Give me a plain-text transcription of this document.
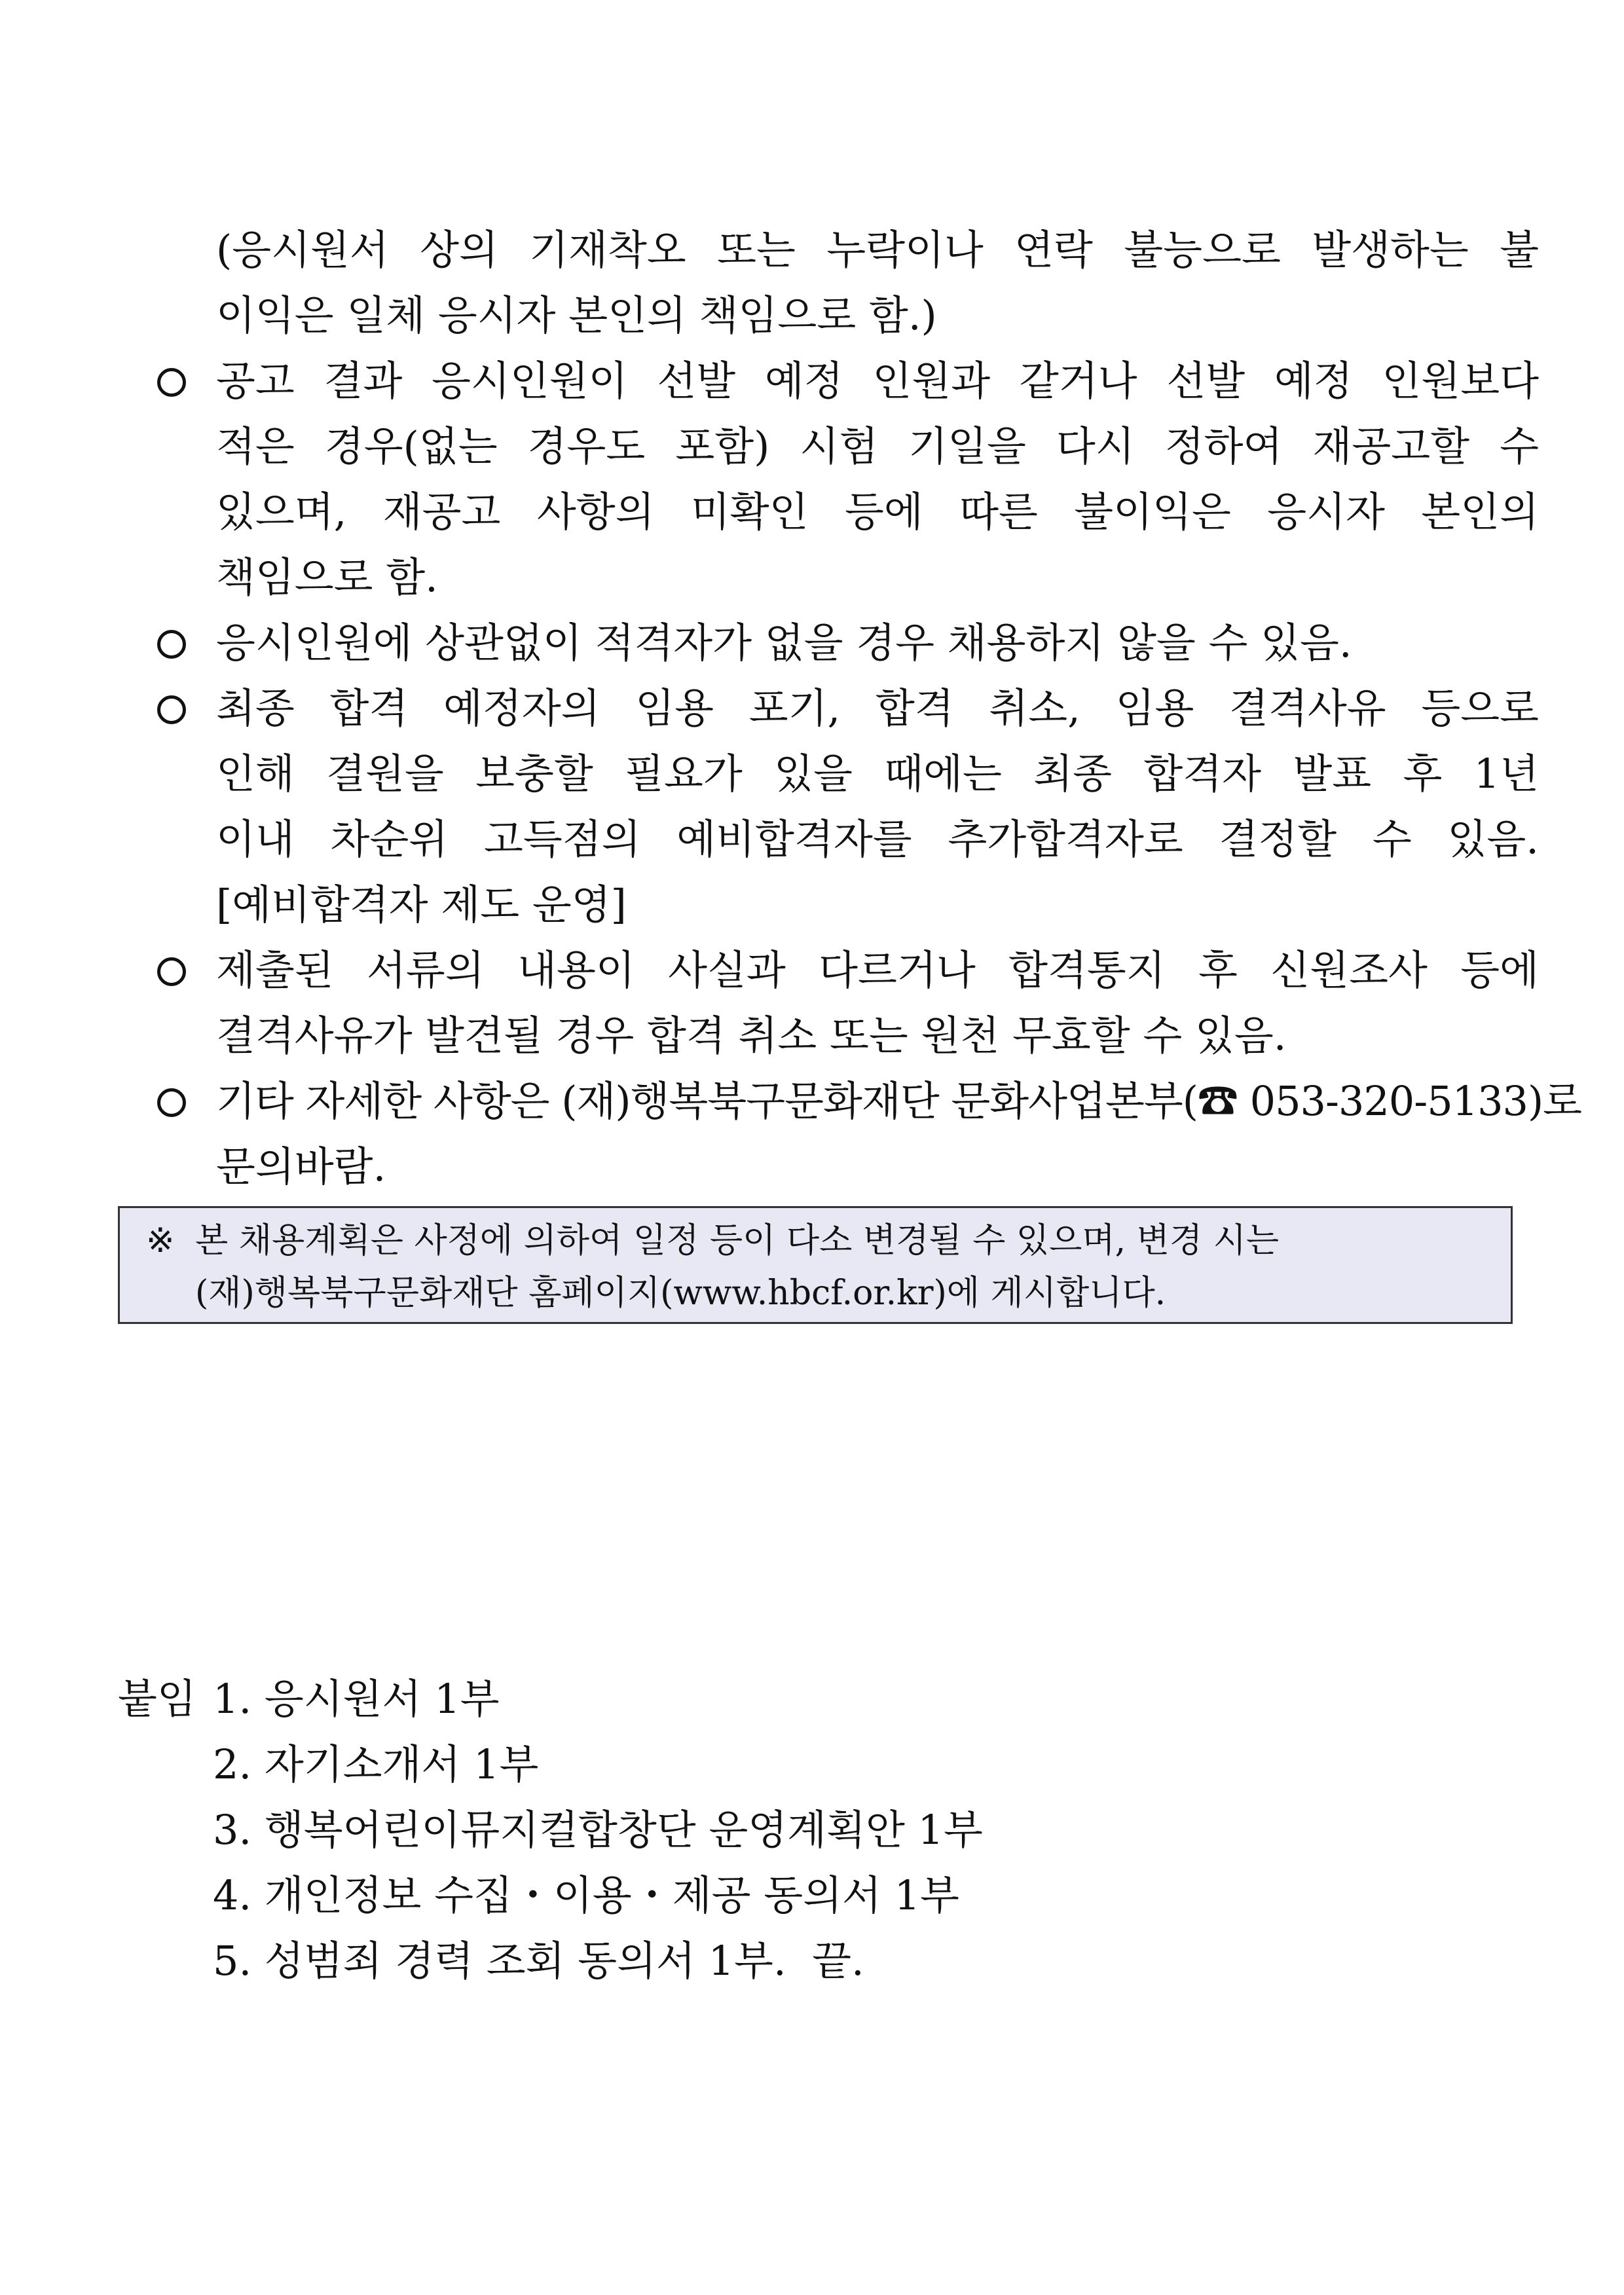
(응시원서 상의 기재착오 또는 누락이나 연락 불능으로 발생하는 불
이익은 일체 응시자 본인의 책임으로 함.)
공고 결과 응시인원이 선발 예정 인원과 같거나 선발 예정 인원보다
적은 경우(없는 경우도 포함) 시험 기일을 다시 정하여 재공고할 수
있으며, 재공고 사항의 미확인 등에 따른 불이익은 응시자 본인의
책임으로 함.
응시인원에 상관없이 적격자가 없을 경우 채용하지 않을 수 있음.
최종 합격 예정자의 임용 포기, 합격 취소, 임용 결격사유 등으로
인해 결원을 보충할 필요가 있을 때에는 최종 합격자 발표 후 1년
이내 차순위 고득점의 예비합격자를 추가합격자로 결정할 수 있음.
[예비합격자 제도 운영]
제출된 서류의 내용이 사실과 다르거나 합격통지 후 신원조사 등에
결격사유가 발견될 경우 합격 취소 또는 원천 무효할 수 있음.
기타 자세한 사항은 (재)행복북구문화재단 문화사업본부(☎ 053-320-5133)로
문의바람.
※ 본 채용계획은 사정에 의하여 일정 등이 다소 변경될 수 있으며, 변경 시는
(재)행복북구문화재단 홈페이지(www.hbcf.or.kr)에 게시합니다.
붙임 1. 응시원서 1부
2. 자기소개서 1부
3. 행복어린이뮤지컬합창단 운영계획안 1부
4. 개인정보 수집・이용・제공 동의서 1부
5. 성범죄 경력 조회 동의서 1부.  끝.
